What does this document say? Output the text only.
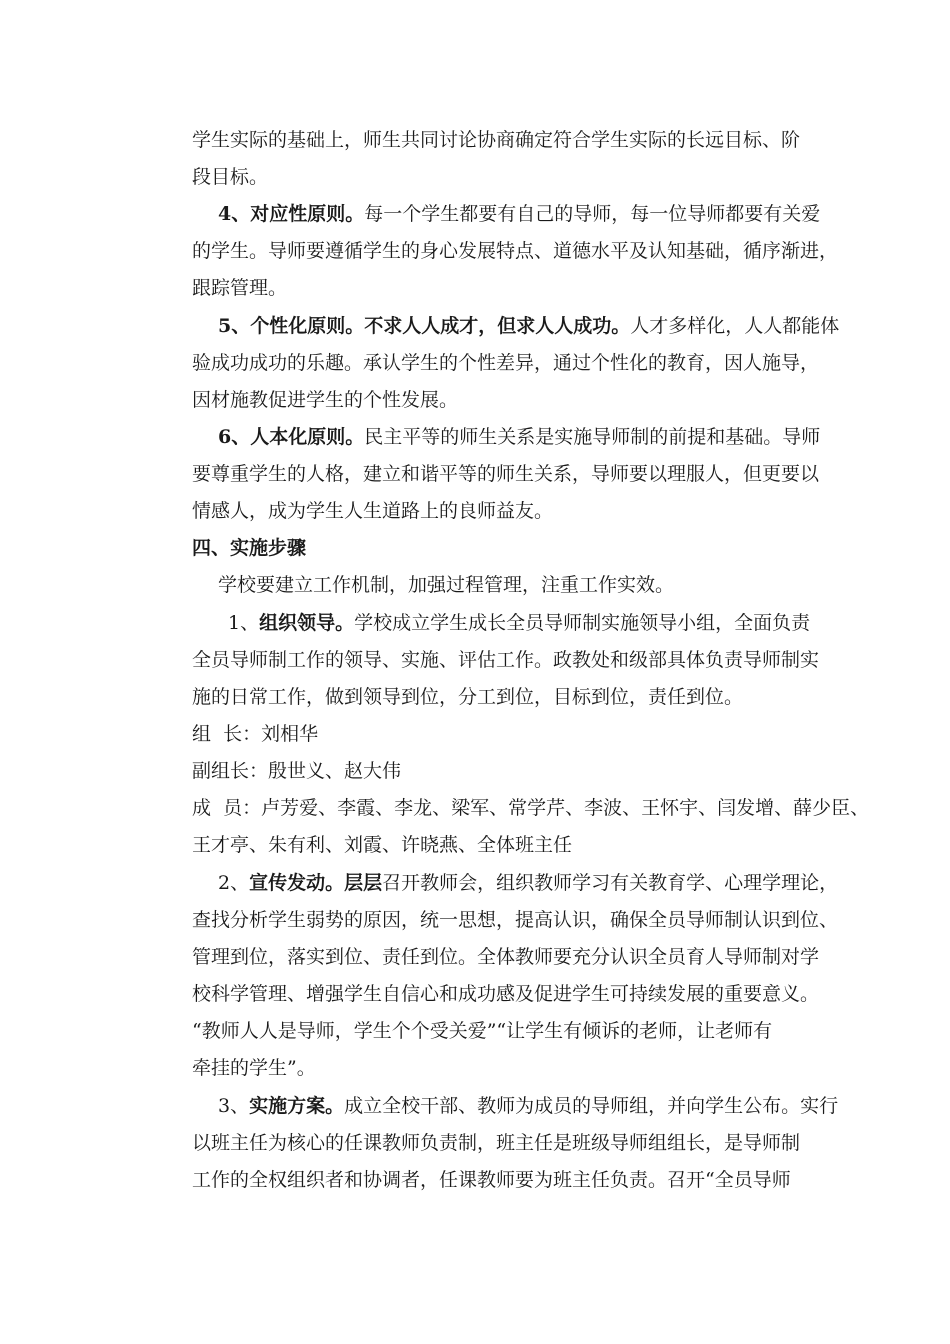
学生实际的基础上，师生共同讨论协商确定符合学生实际的长远目标、阶
段目标。
4、对应性原则。每一个学生都要有自己的导师，每一位导师都要有关爱
的学生。导师要遵循学生的身心发展特点、道德水平及认知基础，循序渐进，
跟踪管理。
5、个性化原则。不求人人成才，但求人人成功。人才多样化，人人都能体
验成功成功的乐趣。承认学生的个性差异，通过个性化的教育，因人施导，
因材施教促进学生的个性发展。
6、人本化原则。民主平等的师生关系是实施导师制的前提和基础。导师
要尊重学生的人格，建立和谐平等的师生关系，导师要以理服人，但更要以
情感人，成为学生人生道路上的良师益友。
四、实施步骤
学校要建立工作机制，加强过程管理，注重工作实效。
1、组织领导。学校成立学生成长全员导师制实施领导小组，全面负责
全员导师制工作的领导、实施、评估工作。政教处和级部具体负责导师制实
施的日常工作，做到领导到位，分工到位，目标到位，责任到位。
组  长：刘相华
副组长：殷世义、赵大伟
成  员：卢芳爱、李霞、李龙、梁军、常学芹、李波、王怀宇、闫发增、薛少臣、
王才亭、朱有利、刘霞、许晓燕、全体班主任
2、宣传发动。层层召开教师会，组织教师学习有关教育学、心理学理论，
查找分析学生弱势的原因，统一思想，提高认识，确保全员导师制认识到位、
管理到位，落实到位、责任到位。全体教师要充分认识全员育人导师制对学
校科学管理、增强学生自信心和成功感及促进学生可持续发展的重要意义。
“教师人人是导师，学生个个受关爱”“让学生有倾诉的老师，让老师有
牵挂的学生”。
3、实施方案。成立全校干部、教师为成员的导师组，并向学生公布。实行
以班主任为核心的任课教师负责制，班主任是班级导师组组长，是导师制
工作的全权组织者和协调者，任课教师要为班主任负责。召开“全员导师
